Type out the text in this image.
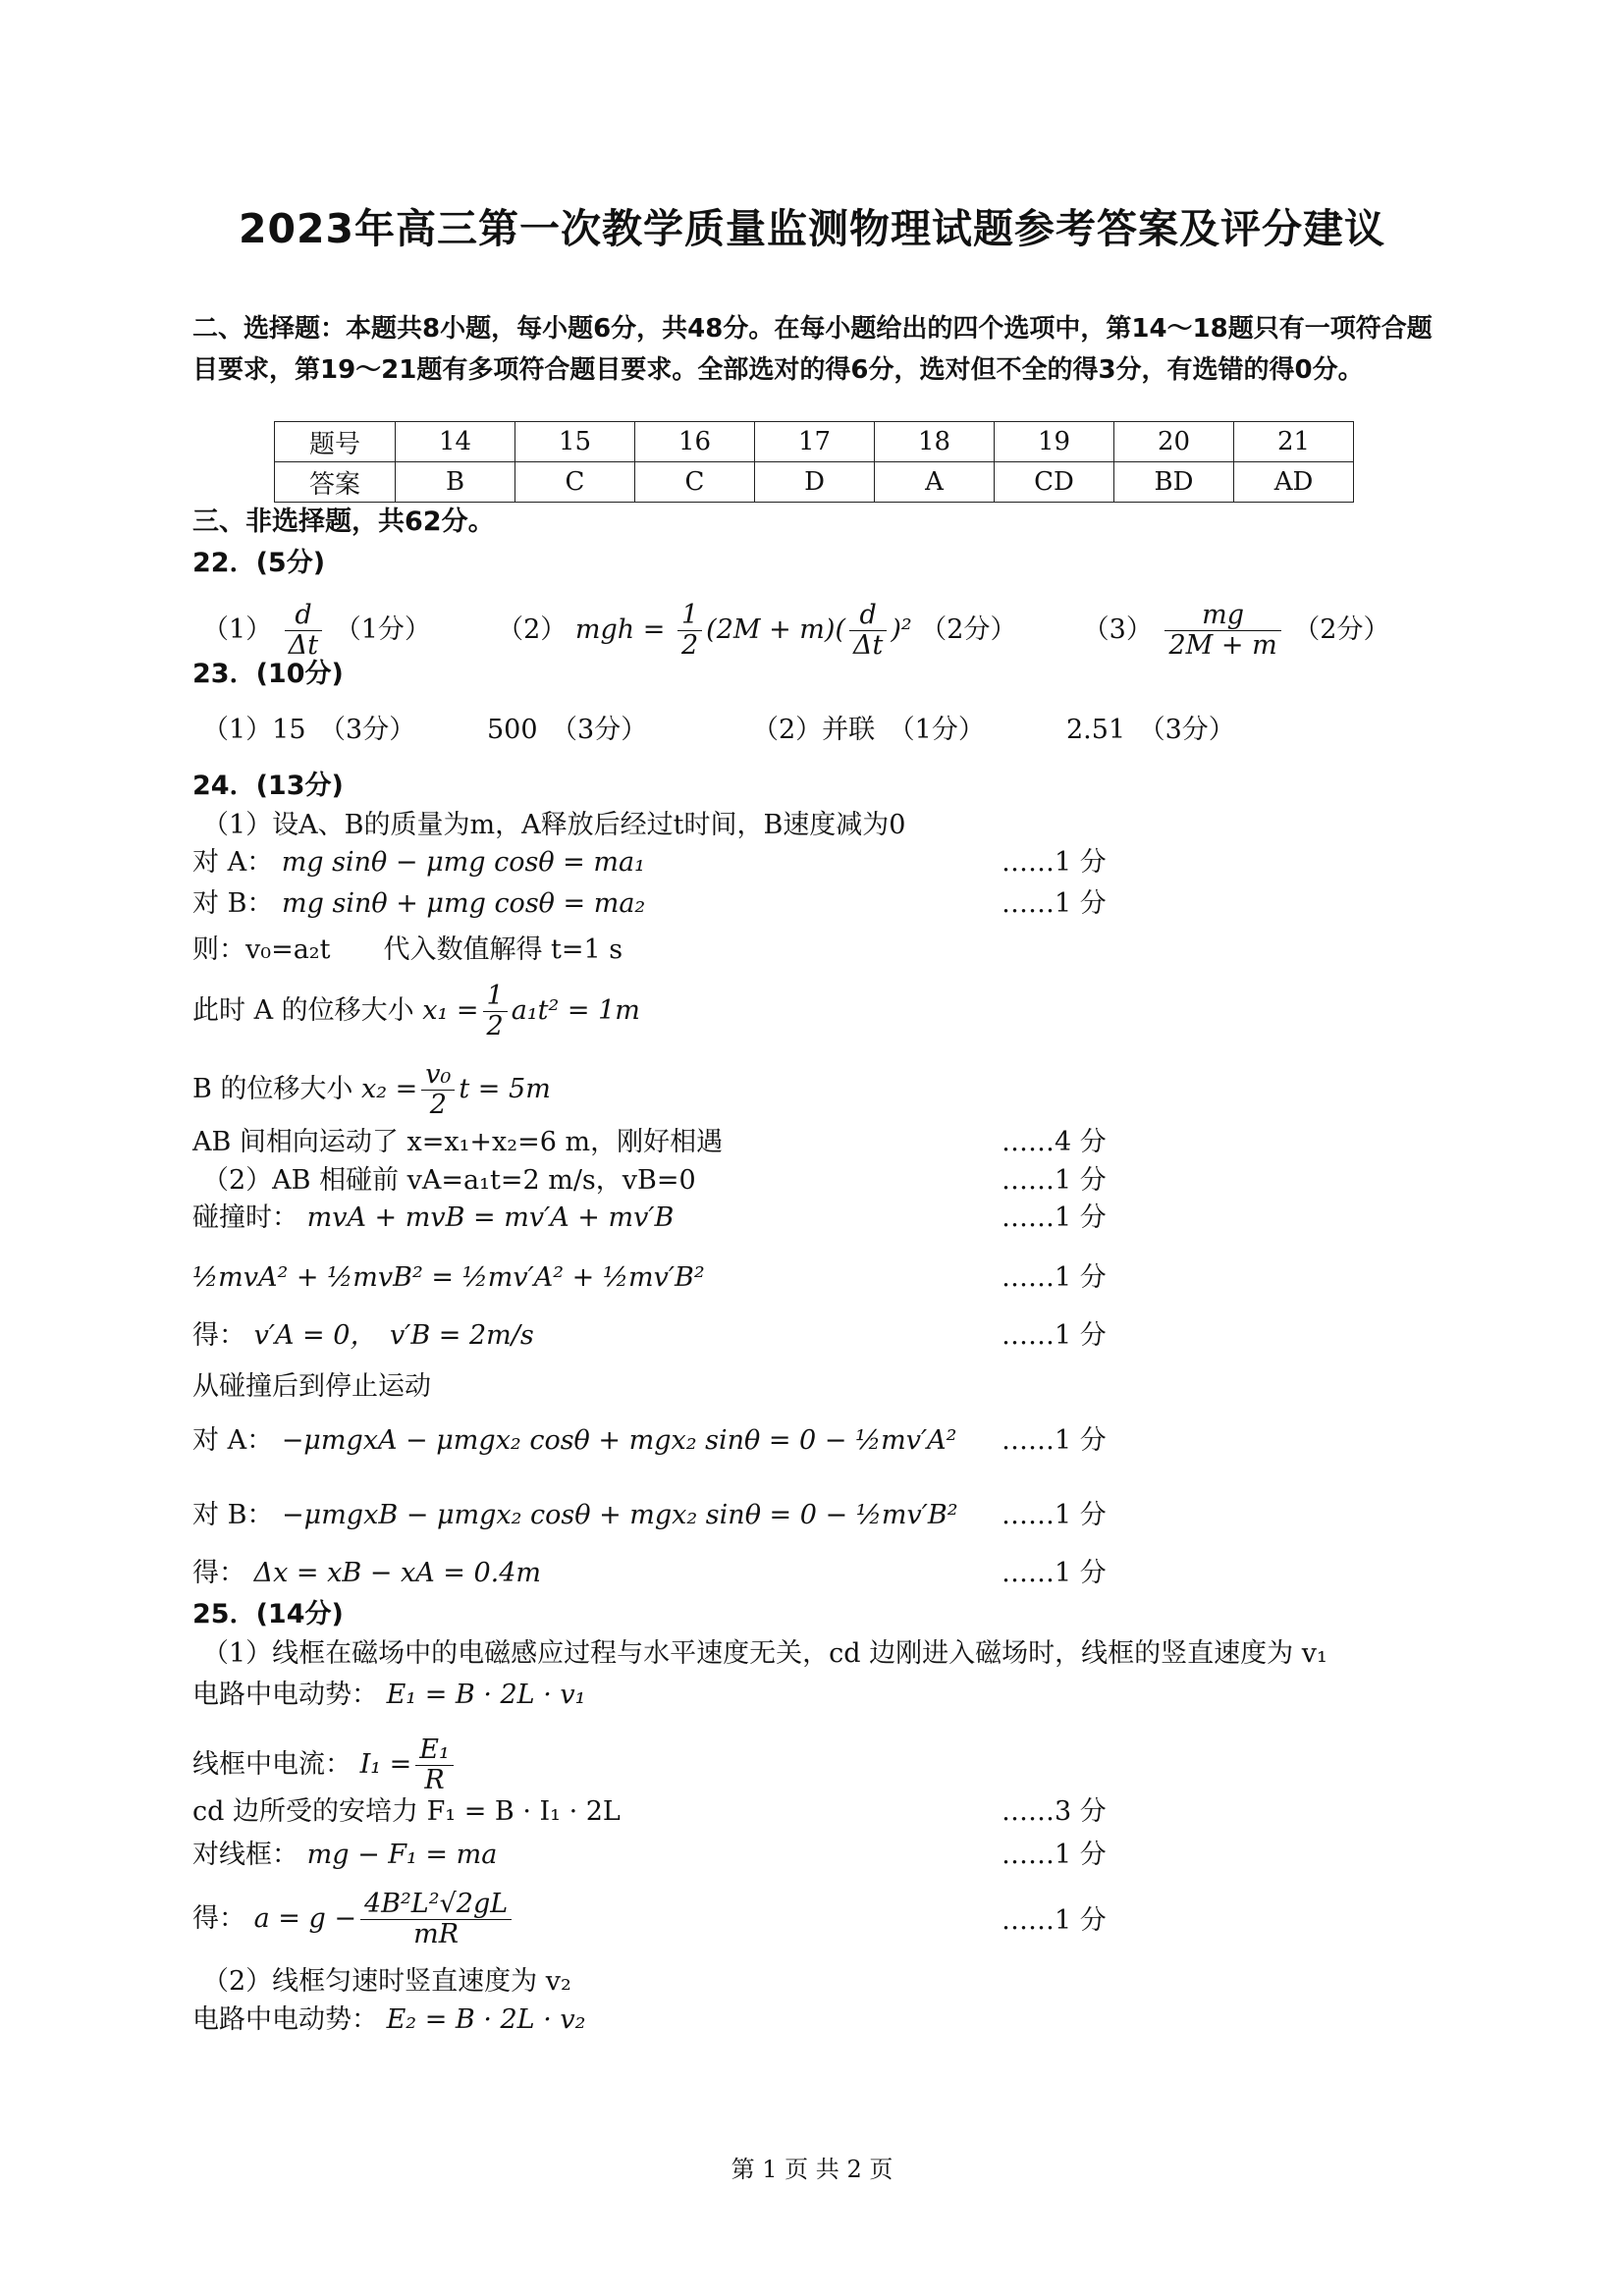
2023年高三第一次教学质量监测物理试题参考答案及评分建议
二、选择题：本题共8小题，每小题6分，共48分。在每小题给出的四个选项中，第14～18题只有一项符合题目要求，第19～21题有多项符合题目要求。全部选对的得6分，选对但不全的得3分，有选错的得0分。
题号	14	15	16	17	18	19	20	21
答案	B	C	C	D	A	CD	BD	AD
三、非选择题，共62分。
22．(5分)
$(1) \frac{d}{\Delta t} (1$分） （2） mgh = $\frac{1}{2} (2M + m)( \frac{d}{\Delta t} )^2$ （2分） $(3) \frac{mg}{2M + m} (2$分）
23．(10分)
（1）15　（3分）	500　（3分）	（2）并联　（1分）	2.51　（3分）
24．(13分)
（1）设A、B的质量为m，A释放后经过t时间，B速度减为0
对 A： mg sinθ − μmg cosθ = ma₁	……1 分
对 B： mg sinθ + μmg cosθ = ma₂	……1 分
则：v₀=a₂t　　代入数值解得 t=1 s
此时 A 的位移大小 $x_1 = \frac{1}{2} a_1t^2 = 1m$
B 的位移大小 $x_2 = \frac{\text{v₀}}{2}$ t = 5m
AB 间相向运动了 x=x₁+x₂=6 m，刚好相遇	……4 分
（2）AB 相碰前 vA=a₁t=2 m/s，vB=0	……1 分
碰撞时： mvA + mvB = mv′A + mv′B	……1 分
½mvA² + ½mvB² = ½mv′A² + ½mv′B²	……1 分
得： v′A = 0，　v′B = 2m/s	……1 分
从碰撞后到停止运动
对 A： −μmgxA − μmgx₂ cosθ + mgx₂ sinθ = 0 − ½mv′A² ……1 分
对 B： −μmgxB − μmgx₂ cosθ + mgx₂ sinθ = 0 − ½mv′B² ……1 分
得： Δx = xB − xA = 0.4m	……1 分
25．(14分)
（1）线框在磁场中的电磁感应过程与水平速度无关，cd 边刚进入磁场时，线框的竖直速度为 v₁
电路中电动势： E₁ = B · 2L · v₁
线框中电流： $I_1 = \frac{\text{E₁}}{R}$
cd 边所受的安培力 F₁ = B · I₁ · 2L	……3 分
对线框： mg − F₁ = ma	……1 分
得： $a = g - \frac{\text{4B²L²√2gL}}{mR}$	……1 分
（2）线框匀速时竖直速度为 v₂
电路中电动势： E₂ = B · 2L · v₂
第 1 页 共 2 页
